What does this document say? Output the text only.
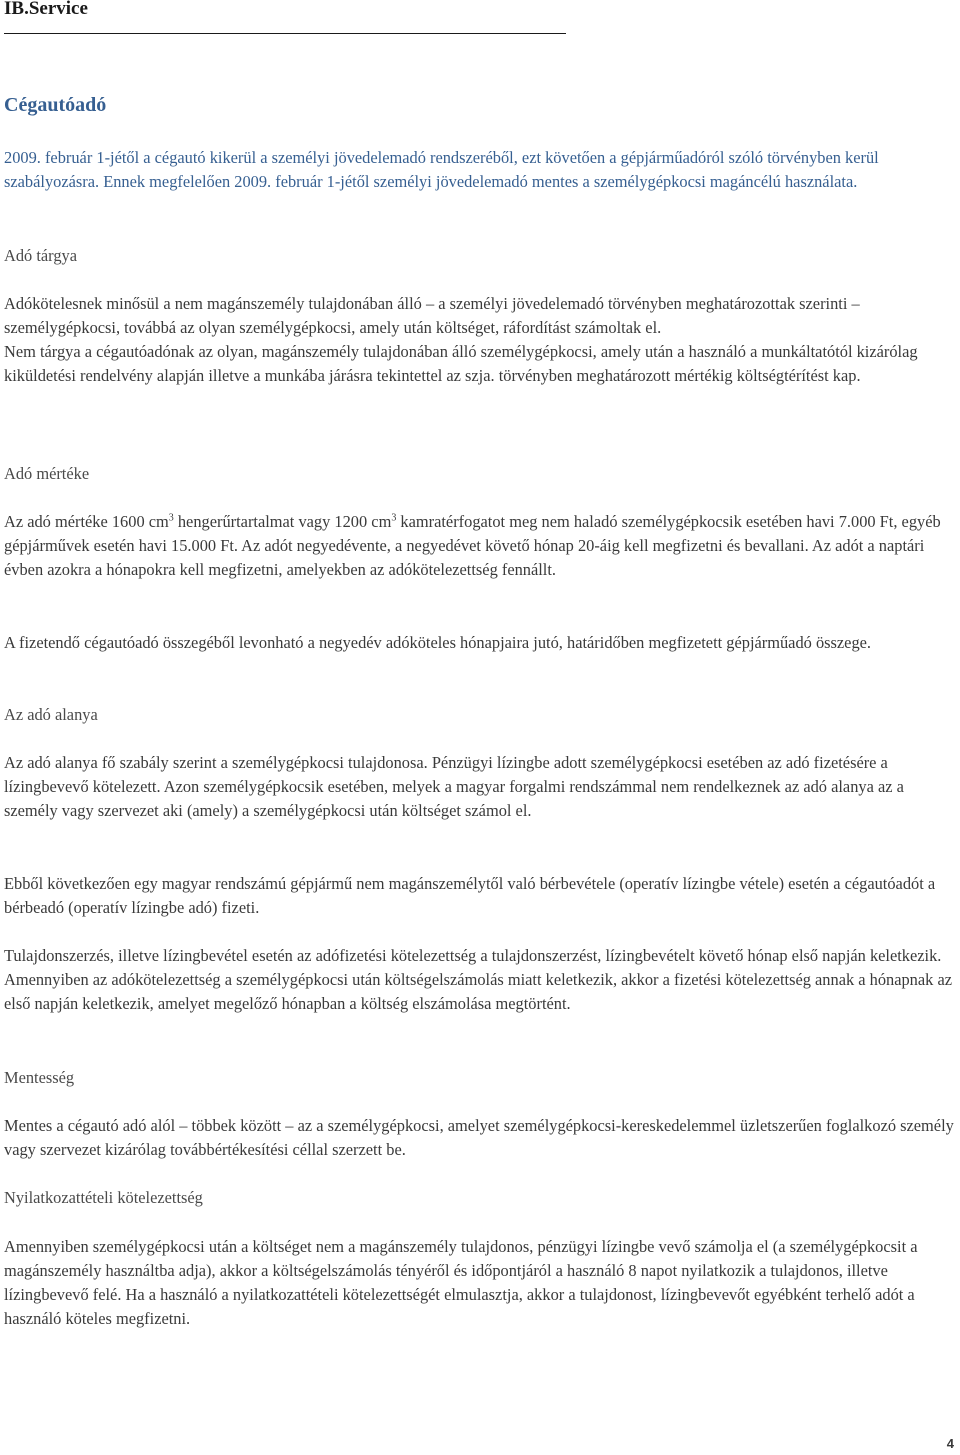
IB.Service
Cégautóadó

2009. február 1-jétől a cégautó kikerül a személyi jövedelemadó rendszeréből, ezt követően a gépjárműadóról szóló törvényben kerül szabályozásra. Ennek megfelelően 2009. február 1-jétől személyi jövedelemadó mentes a személygépkocsi magáncélú használata.

Adó tárgya

Adókötelesnek minősül a nem magánszemély tulajdonában álló – a személyi jövedelemadó törvényben meghatározottak szerinti – személygépkocsi, továbbá az olyan személygépkocsi, amely után költséget, ráfordítást számoltak el.

Nem tárgya a cégautóadónak az olyan, magánszemély tulajdonában álló személygépkocsi, amely után a használó a munkáltatótól kizárólag kiküldetési rendelvény alapján illetve a munkába járásra tekintettel az szja. törvényben meghatározott mértékig költségtérítést kap.

Adó mértéke

Az adó mértéke 1600 $cm^3$ hengerűrtartalmat vagy 1200 $cm^3$ kamratérfogatot meg nem haladó személygépkocsik esetében havi 7.000 Ft, egyéb gépjárművek esetén havi 15.000 Ft. Az adót negyedévente, a negyedévet követő hónap 20-áig kell megfizetni és bevallani. Az adót a naptári évben azokra a hónapokra kell megfizetni, amelyekben az adókötelezettség fennállt.

A fizetendő cégautóadó összegéből levonható a negyedév adóköteles hónapjaira jutó, határidőben megfizetett gépjárműadó összege.

Az adó alanya

Az adó alanya fő szabály szerint a személygépkocsi tulajdonosa. Pénzügyi lízingbe adott személygépkocsi esetében az adó fizetésére a lízingbevevő kötelezett. Azon személygépkocsik esetében, melyek a magyar forgalmi rendszámmal nem rendelkeznek az adó alanya az a személy vagy szervezet aki (amely) a személygépkocsi után költséget számol el.

Ebből következően egy magyar rendszámú gépjármű nem magánszemélytől való bérbevétele (operatív lízingbe vétele) esetén a cégautóadót a bérbeadó (operatív lízingbe adó) fizeti.

Tulajdonszerzés, illetve lízingbevétel esetén az adófizetési kötelezettség a tulajdonszerzést, lízingbevételt követő hónap első napján keletkezik. Amennyiben az adókötelezettség a személygépkocsi után költségelszámolás miatt keletkezik, akkor a fizetési kötelezettség annak a hónapnak az első napján keletkezik, amelyet megelőző hónapban a költség elszámolása megtörtént.

Mentesség

Mentes a cégautó adó alól – többek között – az a személygépkocsi, amelyet személygépkocsi-kereskedelemmel üzletszerűen foglalkozó személy vagy szervezet kizárólag továbbértékesítési céllal szerzett be.

Nyilatkozattételi kötelezettség

Amennyiben személygépkocsi után a költséget nem a magánszemély tulajdonos, pénzügyi lízingbe vevő számolja el (a személygépkocsit a magánszemély használtba adja), akkor a költségelszámolás tényéről és időpontjáról a használó 8 napot nyilatkozik a tulajdonos, illetve lízingbevevő felé. Ha a használó a nyilatkozattételi kötelezettségét elmulasztja, akkor a tulajdonost, lízingbevevőt egyébként terhelő adót a használó köteles megfizetni.

4
